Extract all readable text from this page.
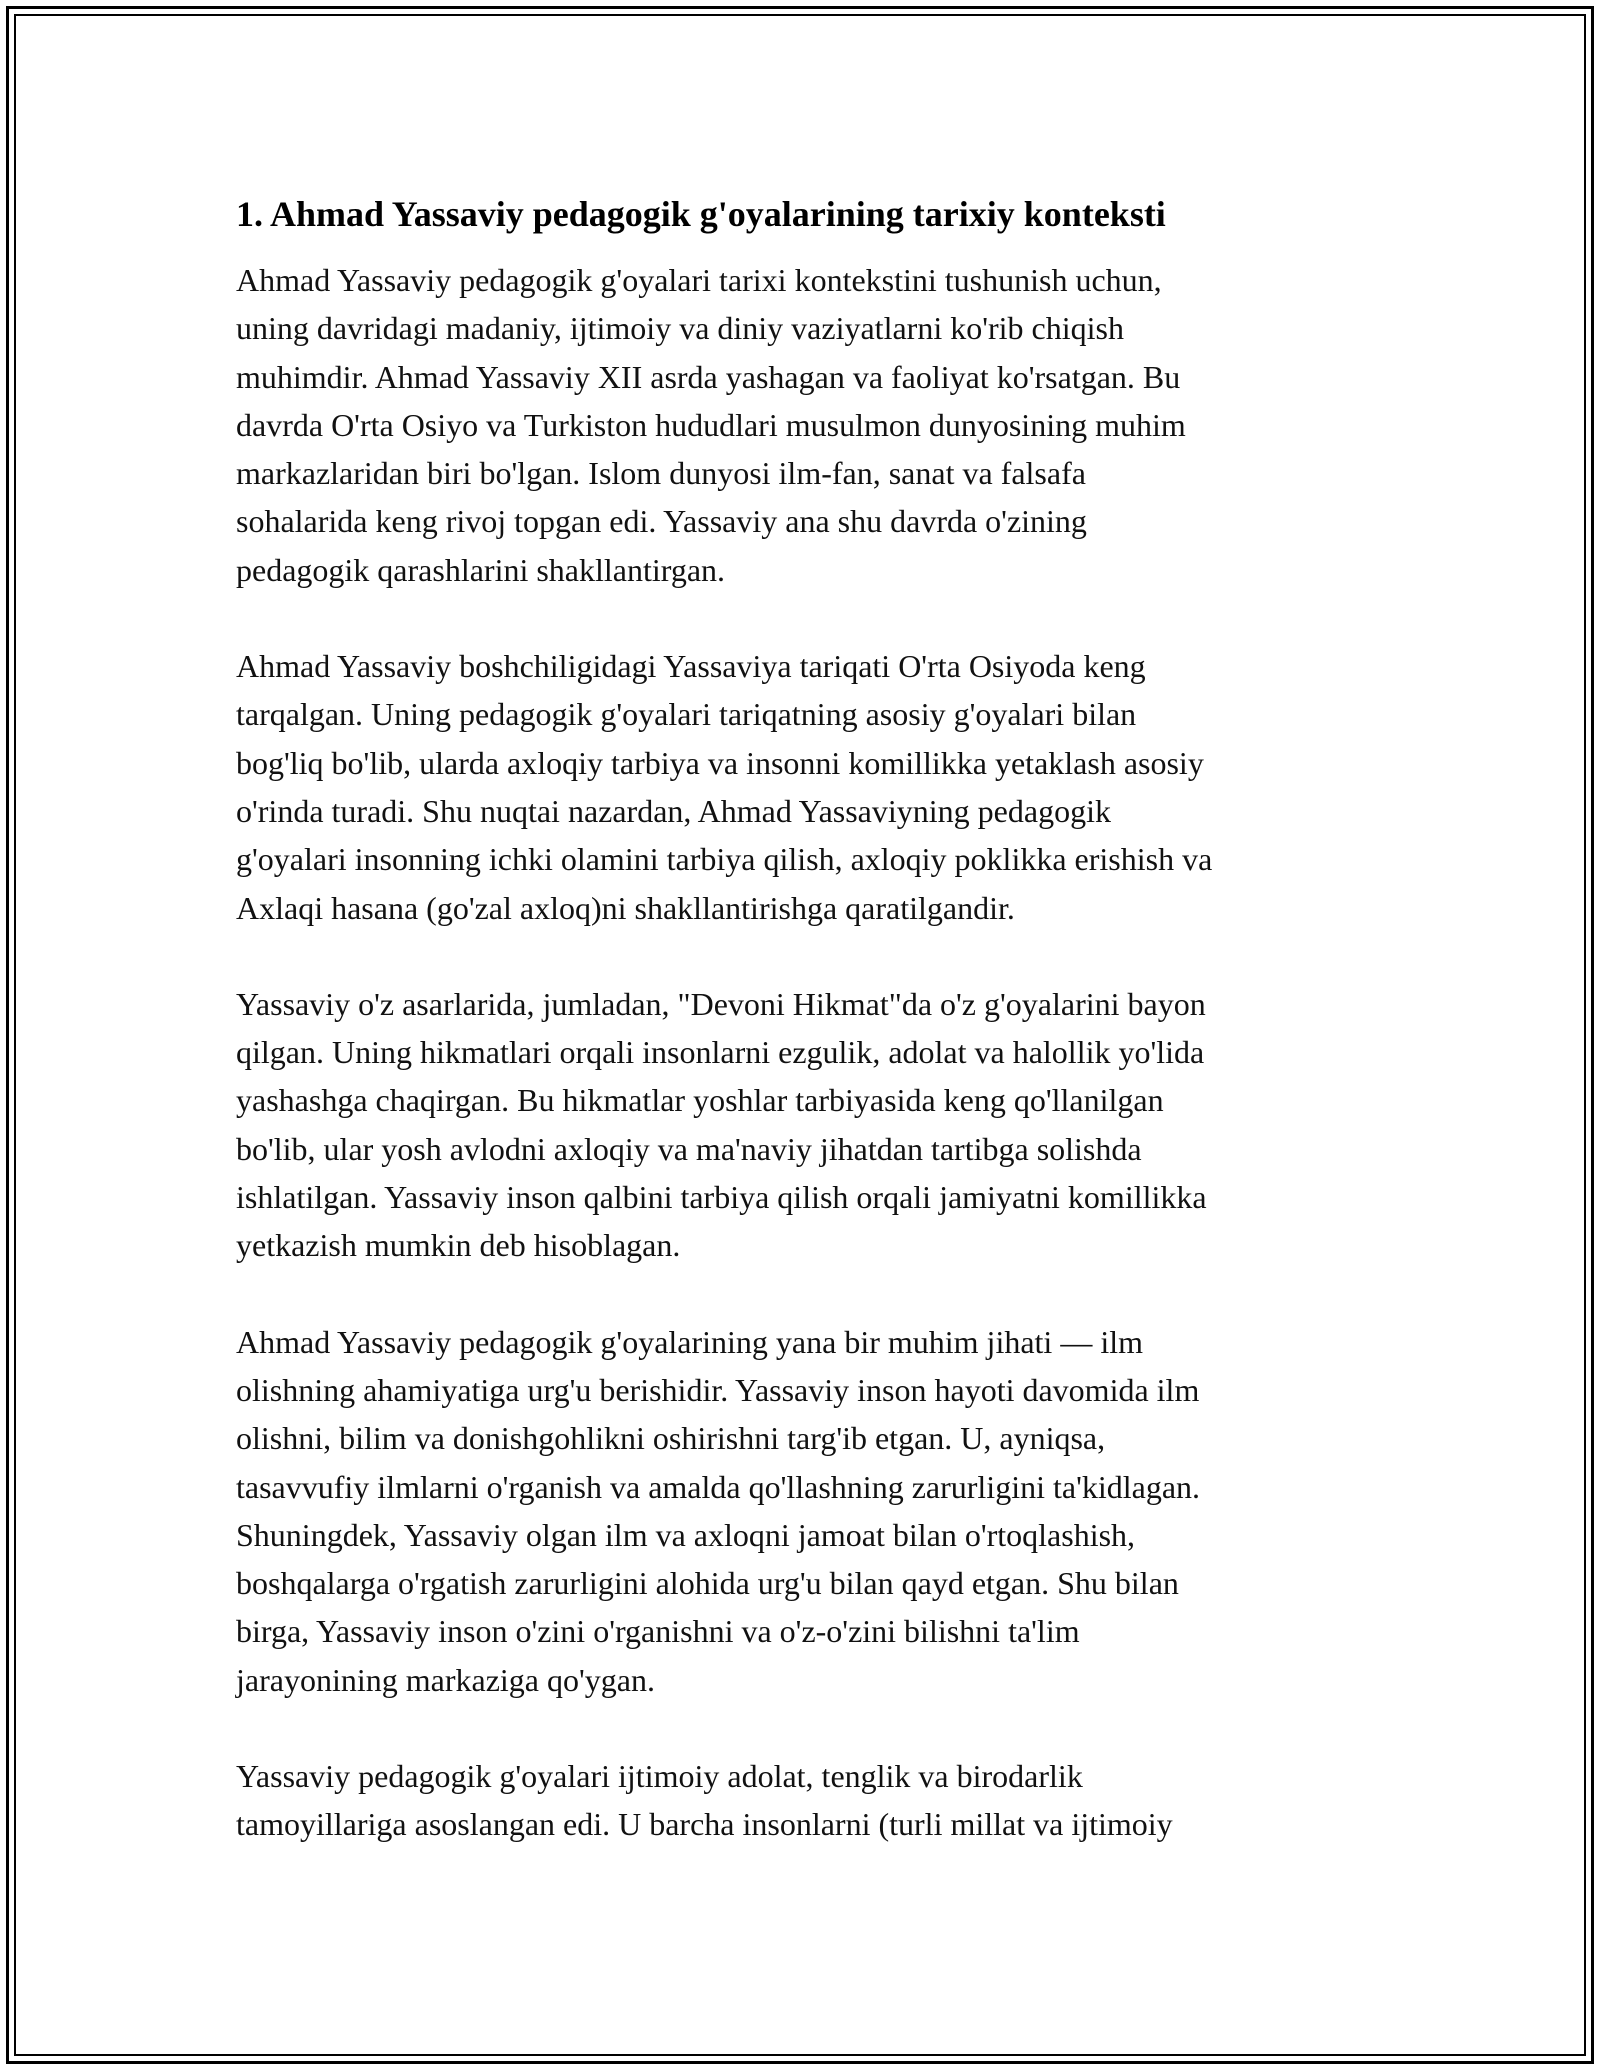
1. Ahmad Yassaviy pedagogik g'oyalarining tarixiy konteksti
Ahmad Yassaviy pedagogik g'oyalari tarixi kontekstini tushunish uchun,
uning davridagi madaniy, ijtimoiy va diniy vaziyatlarni ko'rib chiqish
muhimdir. Ahmad Yassaviy XII asrda yashagan va faoliyat ko'rsatgan. Bu
davrda O'rta Osiyo va Turkiston hududlari musulmon dunyosining muhim
markazlaridan biri bo'lgan. Islom dunyosi ilm-fan, sanat va falsafa
sohalarida keng rivoj topgan edi. Yassaviy ana shu davrda o'zining
pedagogik qarashlarini shakllantirgan.
Ahmad Yassaviy boshchiligidagi Yassaviya tariqati O'rta Osiyoda keng
tarqalgan. Uning pedagogik g'oyalari tariqatning asosiy g'oyalari bilan
bog'liq bo'lib, ularda axloqiy tarbiya va insonni komillikka yetaklash asosiy
o'rinda turadi. Shu nuqtai nazardan, Ahmad Yassaviyning pedagogik
g'oyalari insonning ichki olamini tarbiya qilish, axloqiy poklikka erishish va
Axlaqi hasana (go'zal axloq)ni shakllantirishga qaratilgandir.
Yassaviy o'z asarlarida, jumladan, "Devoni Hikmat"da o'z g'oyalarini bayon
qilgan. Uning hikmatlari orqali insonlarni ezgulik, adolat va halollik yo'lida
yashashga chaqirgan. Bu hikmatlar yoshlar tarbiyasida keng qo'llanilgan
bo'lib, ular yosh avlodni axloqiy va ma'naviy jihatdan tartibga solishda
ishlatilgan. Yassaviy inson qalbini tarbiya qilish orqali jamiyatni komillikka
yetkazish mumkin deb hisoblagan.
Ahmad Yassaviy pedagogik g'oyalarining yana bir muhim jihati — ilm
olishning ahamiyatiga urg'u berishidir. Yassaviy inson hayoti davomida ilm
olishni, bilim va donishgohlikni oshirishni targ'ib etgan. U, ayniqsa,
tasavvufiy ilmlarni o'rganish va amalda qo'llashning zarurligini ta'kidlagan.
Shuningdek, Yassaviy olgan ilm va axloqni jamoat bilan o'rtoqlashish,
boshqalarga o'rgatish zarurligini alohida urg'u bilan qayd etgan. Shu bilan
birga, Yassaviy inson o'zini o'rganishni va o'z-o'zini bilishni ta'lim
jarayonining markaziga qo'ygan.
Yassaviy pedagogik g'oyalari ijtimoiy adolat, tenglik va birodarlik
tamoyillariga asoslangan edi. U barcha insonlarni (turli millat va ijtimoiy
